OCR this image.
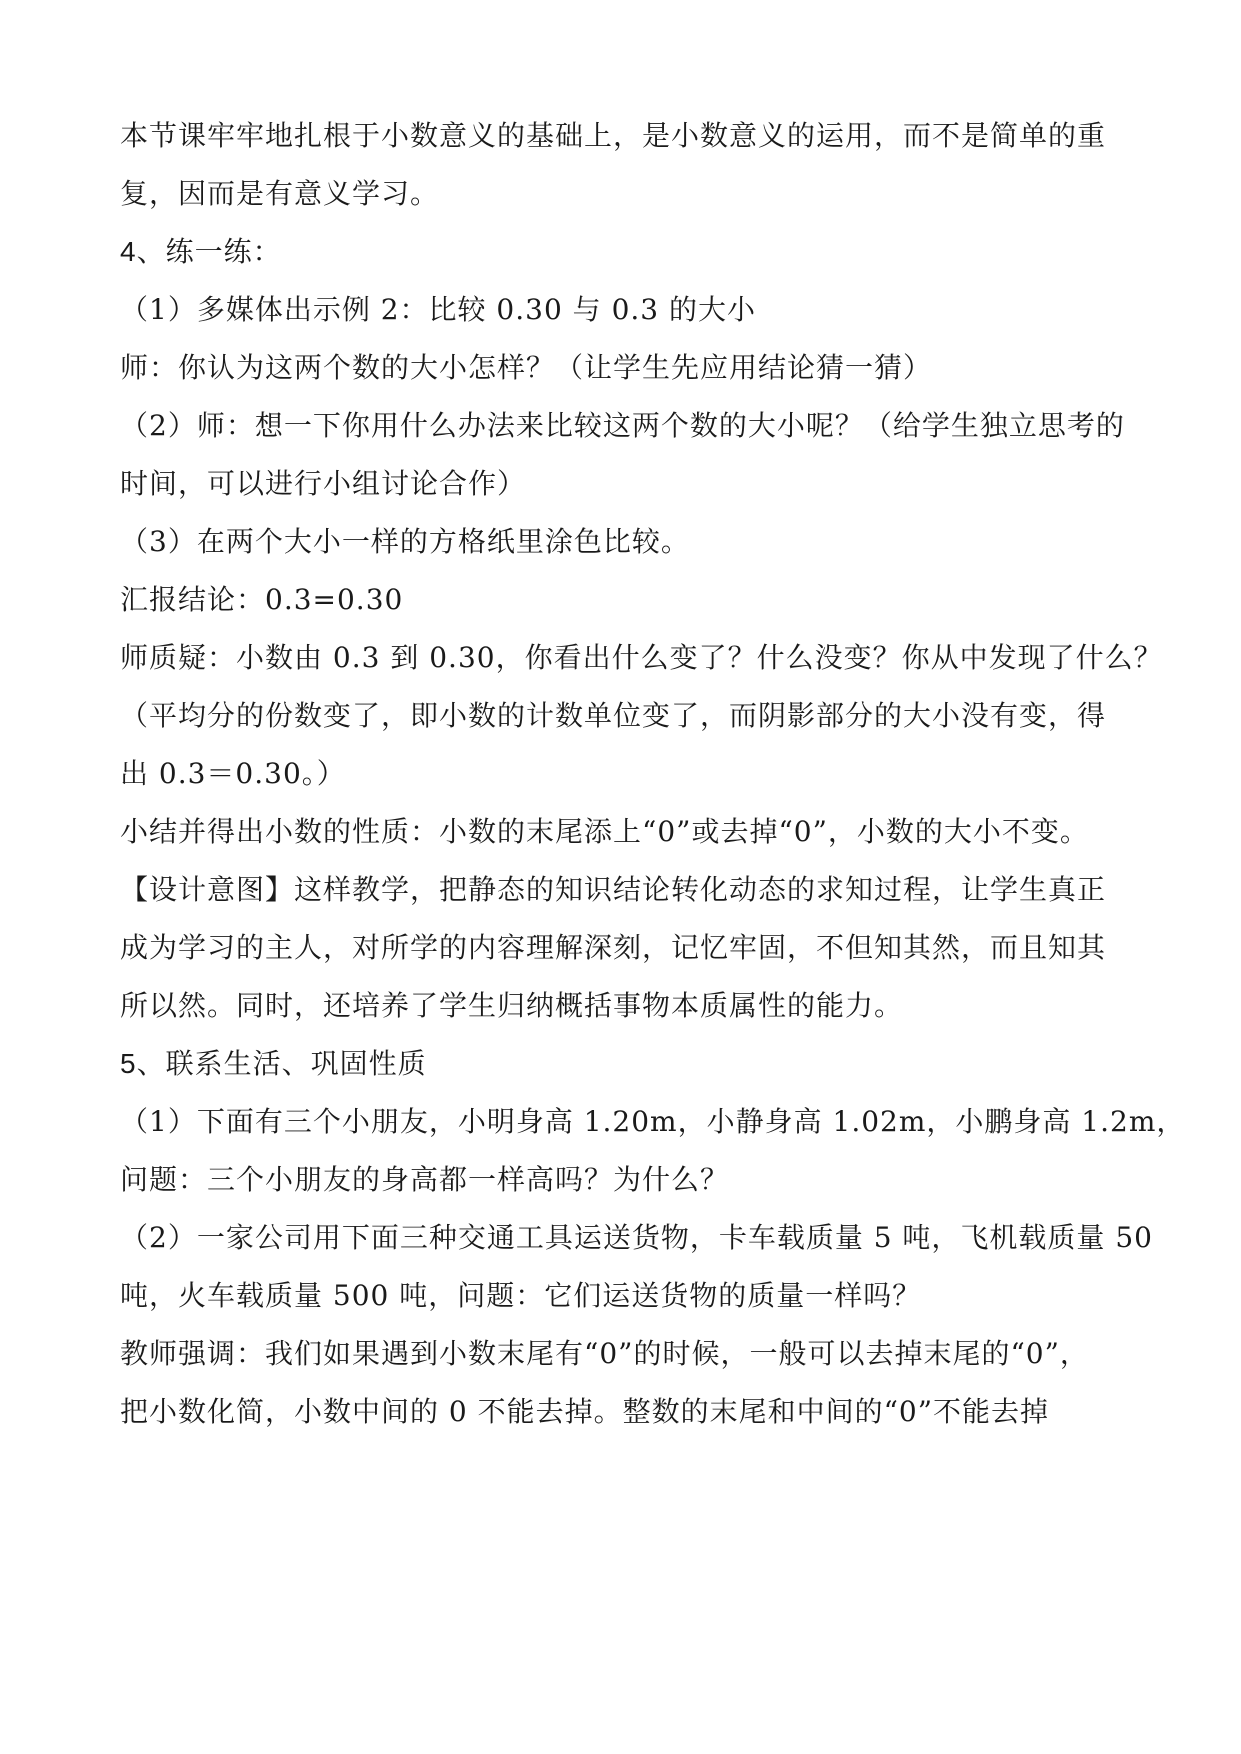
本节课牢牢地扎根于小数意义的基础上，是小数意义的运用，而不是简单的重
复，因而是有意义学习。
4、练一练：
（1）多媒体出示例 2：比较 0.30 与 0.3 的大小
师：你认为这两个数的大小怎样？（让学生先应用结论猜一猜）
（2）师：想一下你用什么办法来比较这两个数的大小呢？（给学生独立思考的
时间，可以进行小组讨论合作）
（3）在两个大小一样的方格纸里涂色比较。
汇报结论：0.3=0.30
师质疑：小数由 0.3 到 0.30，你看出什么变了？什么没变？你从中发现了什么？
（平均分的份数变了，即小数的计数单位变了，而阴影部分的大小没有变，得
出 0.3＝0.30。）
小结并得出小数的性质：小数的末尾添上“0”或去掉“0”，小数的大小不变。
【设计意图】这样教学，把静态的知识结论转化动态的求知过程，让学生真正
成为学习的主人，对所学的内容理解深刻，记忆牢固，不但知其然，而且知其
所以然。同时，还培养了学生归纳概括事物本质属性的能力。
5、联系生活、巩固性质
（1）下面有三个小朋友，小明身高 1.20m，小静身高 1.02m，小鹏身高 1.2m，
问题：三个小朋友的身高都一样高吗？为什么？
（2）一家公司用下面三种交通工具运送货物，卡车载质量 5 吨，飞机载质量 50
吨，火车载质量 500 吨，问题：它们运送货物的质量一样吗？
教师强调：我们如果遇到小数末尾有“0”的时候，一般可以去掉末尾的“0”，
把小数化简，小数中间的 0 不能去掉。整数的末尾和中间的“0”不能去掉
